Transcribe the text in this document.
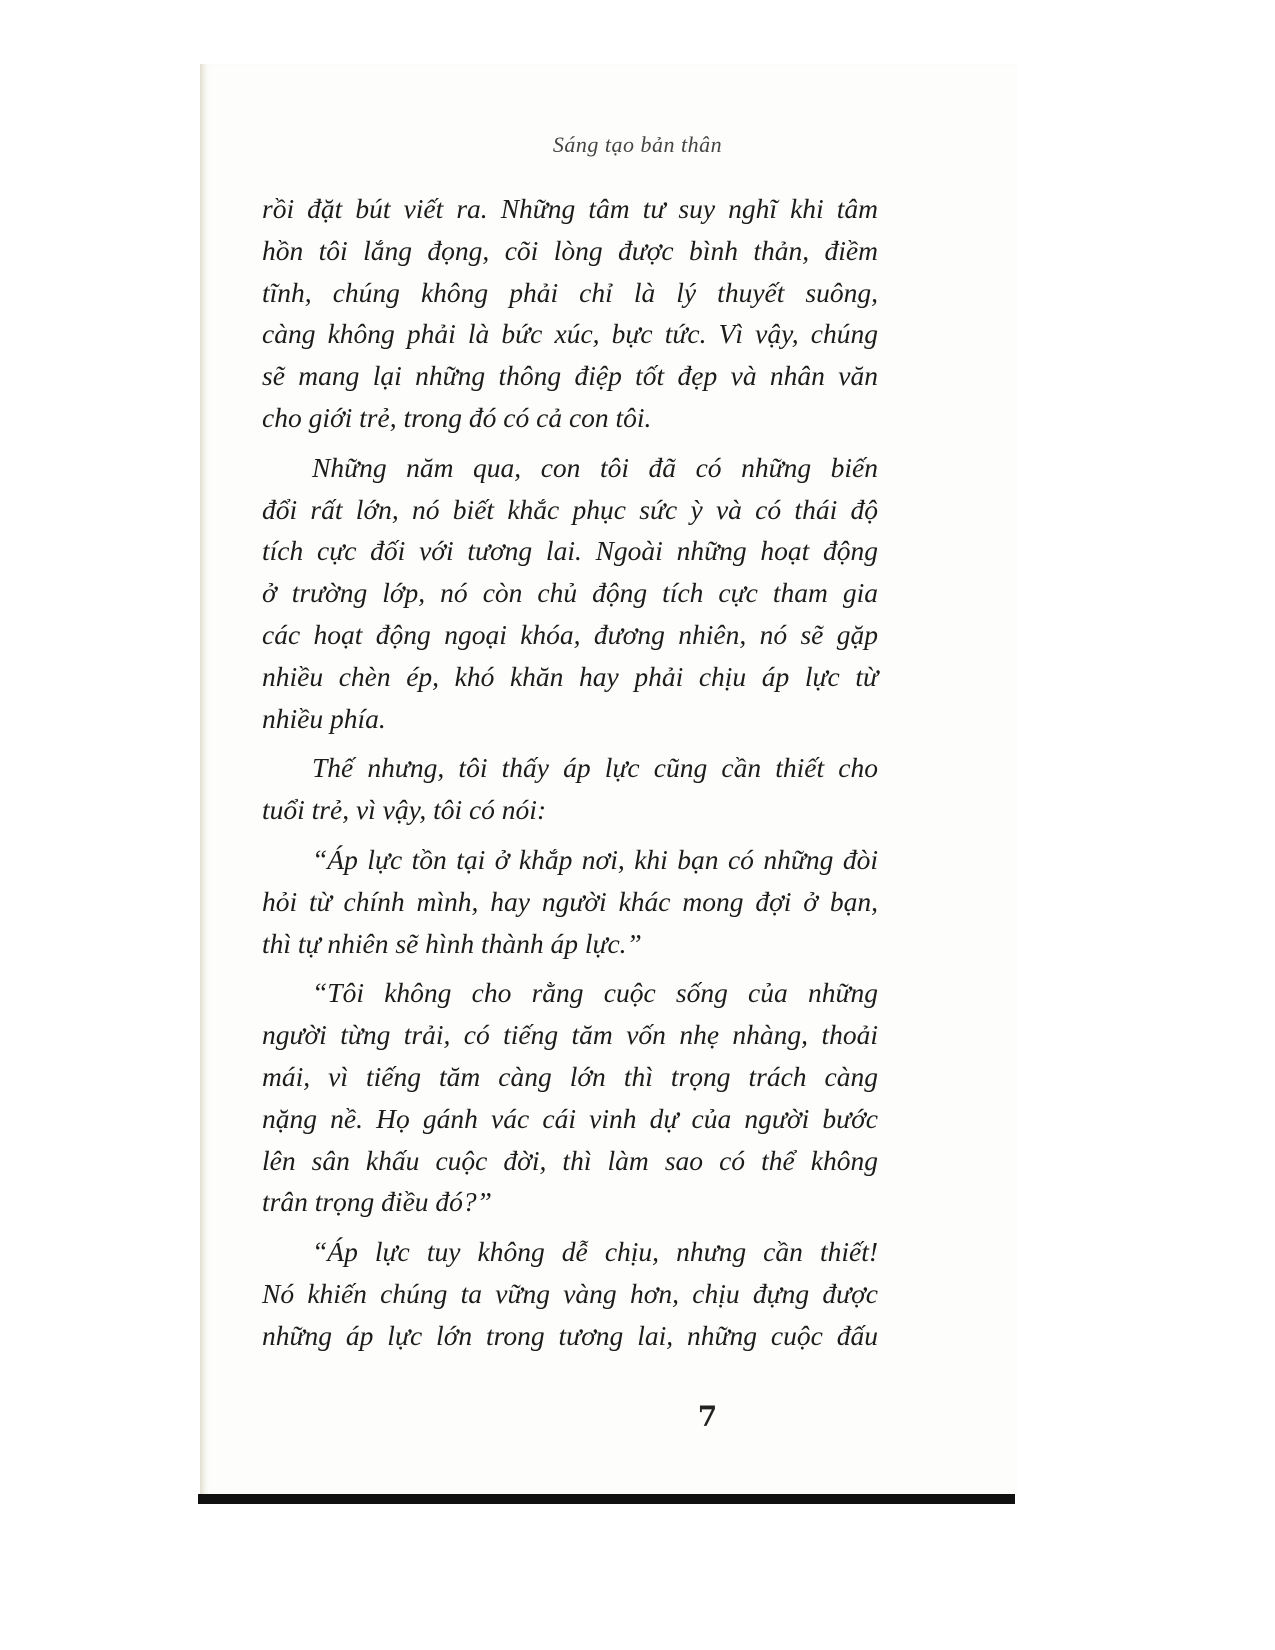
Sáng tạo bản thân
rồi đặt bút viết ra. Những tâm tư suy nghĩ khi tâm
hồn tôi lắng đọng, cõi lòng được bình thản, điềm
tĩnh, chúng không phải chỉ là lý thuyết suông,
càng không phải là bức xúc, bực tức. Vì vậy, chúng
sẽ mang lại những thông điệp tốt đẹp và nhân văn
cho giới trẻ, trong đó có cả con tôi.
Những năm qua, con tôi đã có những biến
đổi rất lớn, nó biết khắc phục sức ỳ và có thái độ
tích cực đối với tương lai. Ngoài những hoạt động
ở trường lớp, nó còn chủ động tích cực tham gia
các hoạt động ngoại khóa, đương nhiên, nó sẽ gặp
nhiều chèn ép, khó khăn hay phải chịu áp lực từ
nhiều phía.
Thế nhưng, tôi thấy áp lực cũng cần thiết cho
tuổi trẻ, vì vậy, tôi có nói:
“Áp lực tồn tại ở khắp nơi, khi bạn có những đòi
hỏi từ chính mình, hay người khác mong đợi ở bạn,
thì tự nhiên sẽ hình thành áp lực.”
“Tôi không cho rằng cuộc sống của những
người từng trải, có tiếng tăm vốn nhẹ nhàng, thoải
mái, vì tiếng tăm càng lớn thì trọng trách càng
nặng nề. Họ gánh vác cái vinh dự của người bước
lên sân khấu cuộc đời, thì làm sao có thể không
trân trọng điều đó?”
“Áp lực tuy không dễ chịu, nhưng cần thiết!
Nó khiến chúng ta vững vàng hơn, chịu đựng được
những áp lực lớn trong tương lai, những cuộc đấu
7
